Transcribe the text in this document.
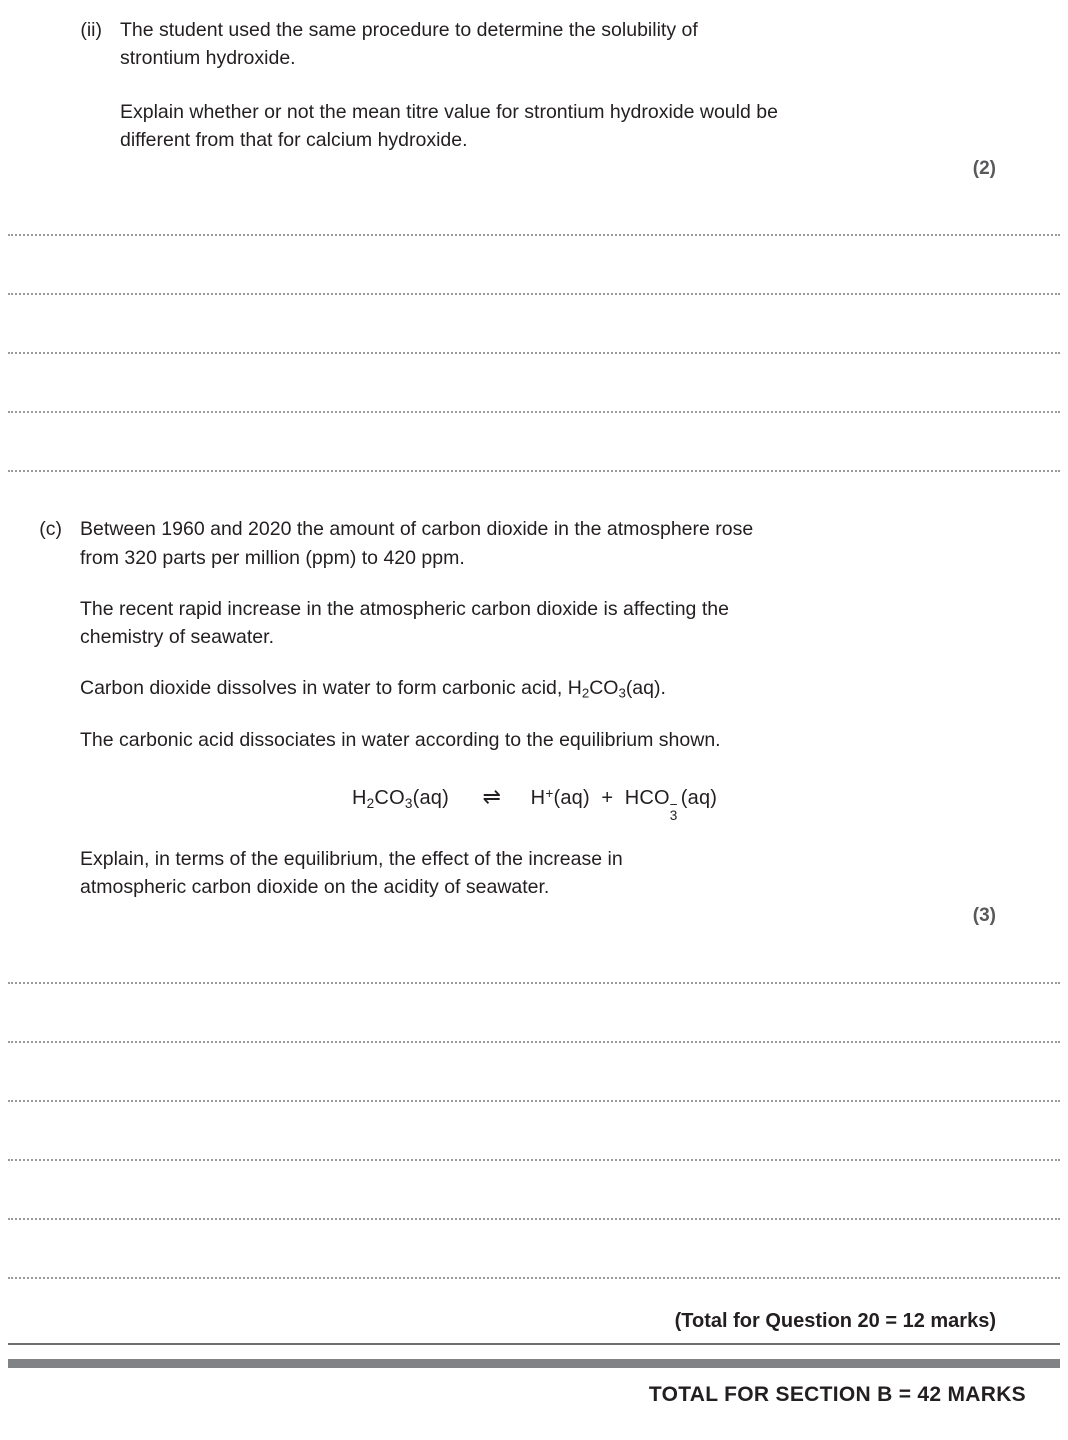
(ii) The student used the same procedure to determine the solubility of
strontium hydroxide.
Explain whether or not the mean titre value for strontium hydroxide would be
different from that for calcium hydroxide.
(2)
(c) Between 1960 and 2020 the amount of carbon dioxide in the atmosphere rose
from 320 parts per million (ppm) to 420 ppm.
The recent rapid increase in the atmospheric carbon dioxide is affecting the
chemistry of seawater.
Carbon dioxide dissolves in water to form carbonic acid, $H_2CO_3(aq)$.
The carbonic acid dissociates in water according to the equilibrium shown.
$H_2CO_3(aq)$ ⇌ H+(aq)  +  HCO −
3
(aq)
Explain, in terms of the equilibrium, the effect of the increase in
atmospheric carbon dioxide on the acidity of seawater.
(3)
(Total for Question 20 = 12 marks)
TOTAL FOR SECTION B = 42 MARKS
